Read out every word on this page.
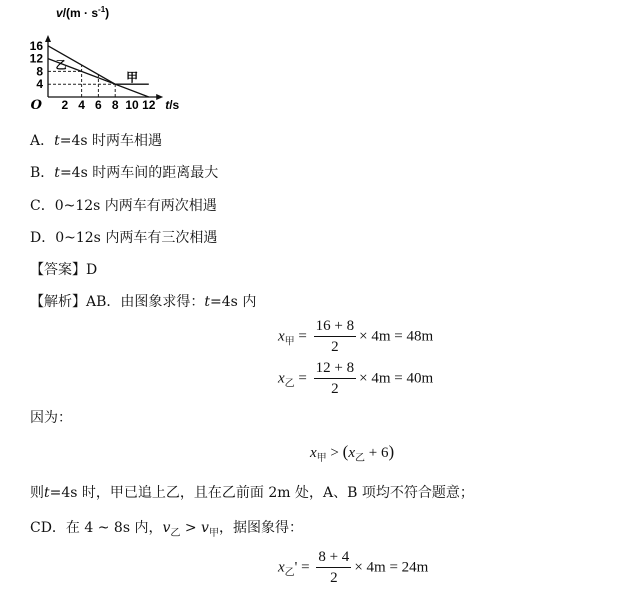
甲
乙
2 4 6 8 10 12
4
8
12
16
O
$v/(m \cdot s^{-1})$
t/s
A．t=4s 时两车相遇
B．t=4s 时两车间的距离最大
C．0~12s 内两车有两次相遇
D．0~12s 内两车有三次相遇
【答案】D
【解析】AB．由图象求得：t=4s 内
$x_甲 = \frac{16 + 8}{2} \times 4m = 48m$
$x_乙 = \frac{12 + 8}{2} \times 4m = 40m$
因为：
$x_甲 > (x_乙 + 6)$
则t=4s 时，甲已追上乙，且在乙前面 2m 处，A、B 项均不符合题意；
CD．在 4 ~ 8s 内，$v_乙 > v_甲$，据图象得：
$x_乙' = \frac{8 + 4}{2} \times 4m = 24m$
